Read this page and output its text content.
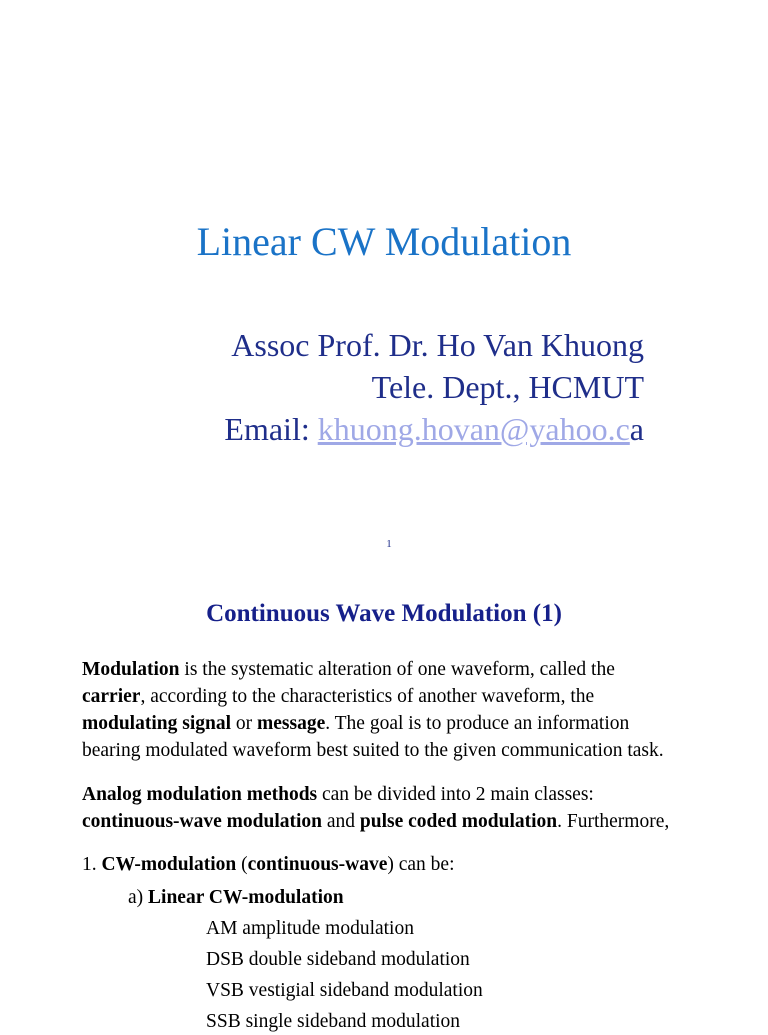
Linear CW Modulation
Assoc Prof. Dr. Ho Van Khuong
Tele. Dept., HCMUT
Email: khuong.hovan@yahoo.ca
1
Continuous Wave Modulation (1)
Modulation is the systematic alteration of one waveform, called the
carrier, according to the characteristics of another waveform, the
modulating signal or message. The goal is to produce an information
bearing modulated waveform best suited to the given communication task.
Analog modulation methods can be divided into 2 main classes:
continuous-wave modulation and pulse coded modulation. Furthermore,
1. CW-modulation (continuous-wave) can be:
a) Linear CW-modulation
AM amplitude modulation
DSB double sideband modulation
VSB vestigial sideband modulation
SSB single sideband modulation
